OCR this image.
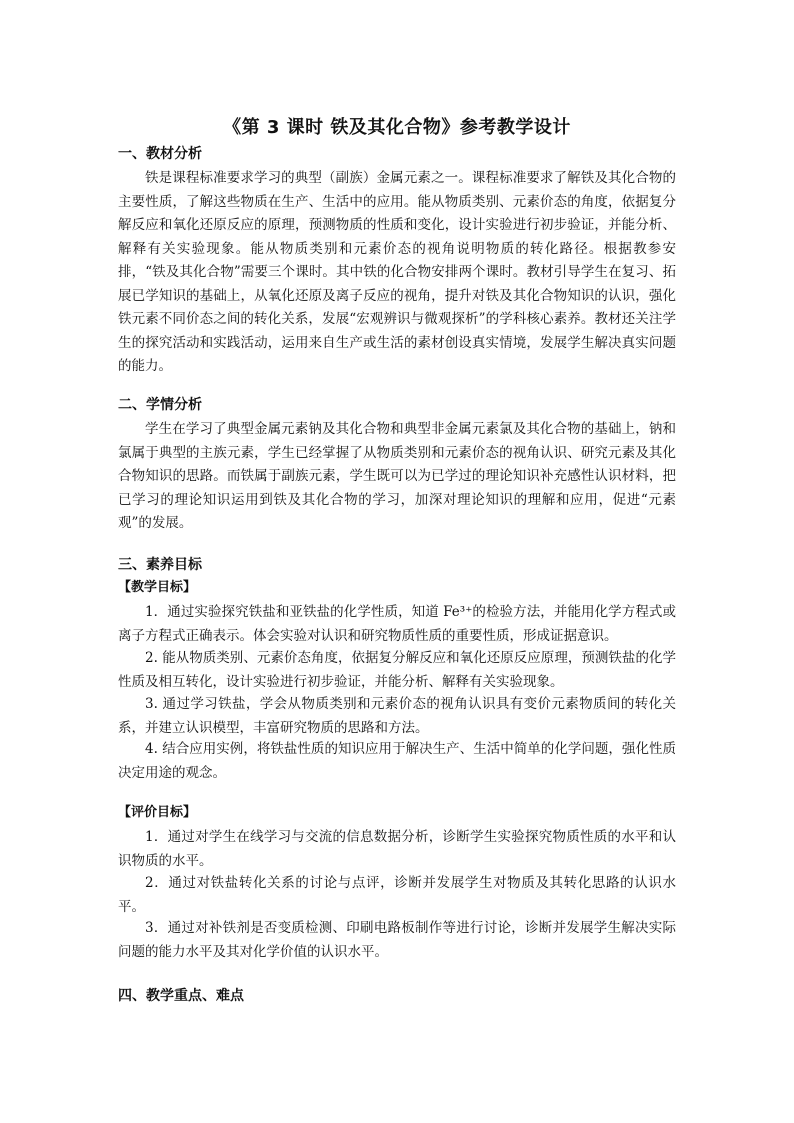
《第 3 课时 铁及其化合物》参考教学设计
一、教材分析

铁是课程标准要求学习的典型（副族）金属元素之一。课程标准要求了解铁及其化合物的主要性质，了解这些物质在生产、生活中的应用。能从物质类别、元素价态的角度，依据复分解反应和氧化还原反应的原理，预测物质的性质和变化，设计实验进行初步验证，并能分析、解释有关实验现象。能从物质类别和元素价态的视角说明物质的转化路径。根据教参安排，“铁及其化合物”需要三个课时。其中铁的化合物安排两个课时。教材引导学生在复习、拓展已学知识的基础上，从氧化还原及离子反应的视角，提升对铁及其化合物知识的认识，强化铁元素不同价态之间的转化关系，发展“宏观辨识与微观探析”的学科核心素养。教材还关注学生的探究活动和实践活动，运用来自生产或生活的素材创设真实情境，发展学生解决真实问题的能力。

二、学情分析

学生在学习了典型金属元素钠及其化合物和典型非金属元素氯及其化合物的基础上，钠和氯属于典型的主族元素，学生已经掌握了从物质类别和元素价态的视角认识、研究元素及其化合物知识的思路。而铁属于副族元素，学生既可以为已学过的理论知识补充感性认识材料，把已学习的理论知识运用到铁及其化合物的学习，加深对理论知识的理解和应用，促进“元素观”的发展。

三、素养目标
【教学目标】

1．通过实验探究铁盐和亚铁盐的化学性质，知道 Fe³⁺的检验方法，并能用化学方程式或离子方程式正确表示。体会实验对认识和研究物质性质的重要性质，形成证据意识。

2. 能从物质类别、元素价态角度，依据复分解反应和氧化还原反应原理，预测铁盐的化学性质及相互转化，设计实验进行初步验证，并能分析、解释有关实验现象。

3. 通过学习铁盐，学会从物质类别和元素价态的视角认识具有变价元素物质间的转化关系，并建立认识模型，丰富研究物质的思路和方法。

4. 结合应用实例，将铁盐性质的知识应用于解决生产、生活中简单的化学问题，强化性质决定用途的观念。

【评价目标】

1．通过对学生在线学习与交流的信息数据分析，诊断学生实验探究物质性质的水平和认识物质的水平。

2．通过对铁盐转化关系的讨论与点评，诊断并发展学生对物质及其转化思路的认识水平。

3．通过对补铁剂是否变质检测、印刷电路板制作等进行讨论，诊断并发展学生解决实际问题的能力水平及其对化学价值的认识水平。

四、教学重点、难点
